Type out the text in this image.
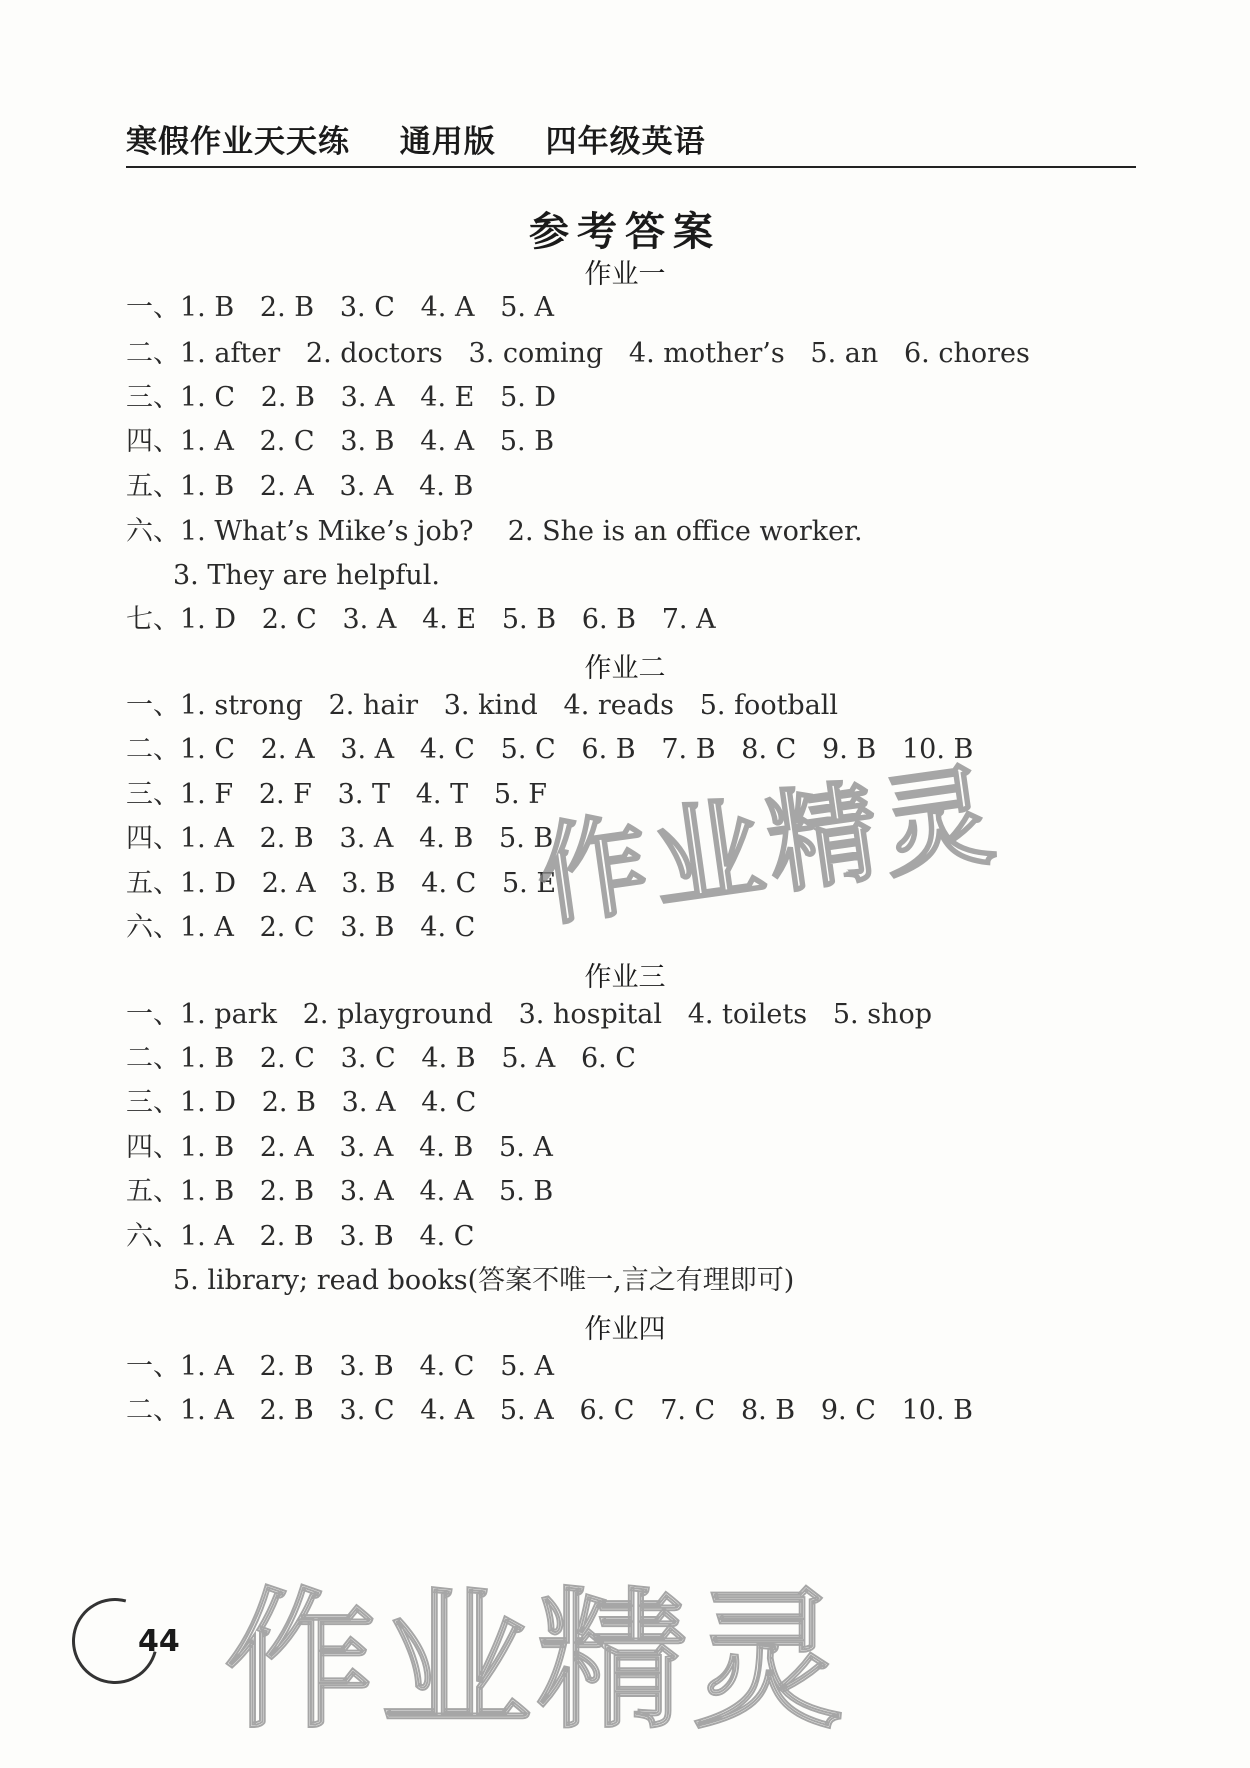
寒假作业天天练 通用版 四年级英语
参考答案
作业一
一、1. B   2. B   3. C   4. A   5. A
二、1. after   2. doctors   3. coming   4. mother’s   5. an   6. chores
三、1. C   2. B   3. A   4. E   5. D
四、1. A   2. C   3. B   4. A   5. B
五、1. B   2. A   3. A   4. B
六、1. What’s Mike’s job?    2. She is an office worker.
3. They are helpful.
七、1. D   2. C   3. A   4. E   5. B   6. B   7. A
作业二
一、1. strong   2. hair   3. kind   4. reads   5. football
二、1. C   2. A   3. A   4. C   5. C   6. B   7. B   8. C   9. B   10. B
三、1. F   2. F   3. T   4. T   5. F
四、1. A   2. B   3. A   4. B   5. B
五、1. D   2. A   3. B   4. C   5. E
六、1. A   2. C   3. B   4. C
作业三
一、1. park   2. playground   3. hospital   4. toilets   5. shop
二、1. B   2. C   3. C   4. B   5. A   6. C
三、1. D   2. B   3. A   4. C
四、1. B   2. A   3. A   4. B   5. A
五、1. B   2. B   3. A   4. A   5. B
六、1. A   2. B   3. B   4. C
5. library; read books(答案不唯一,言之有理即可)
作业四
一、1. A   2. B   3. B   4. C   5. A
二、1. A   2. B   3. C   4. A   5. A   6. C   7. C   8. B   9. C   10. B
作业精灵
作业精灵
44
